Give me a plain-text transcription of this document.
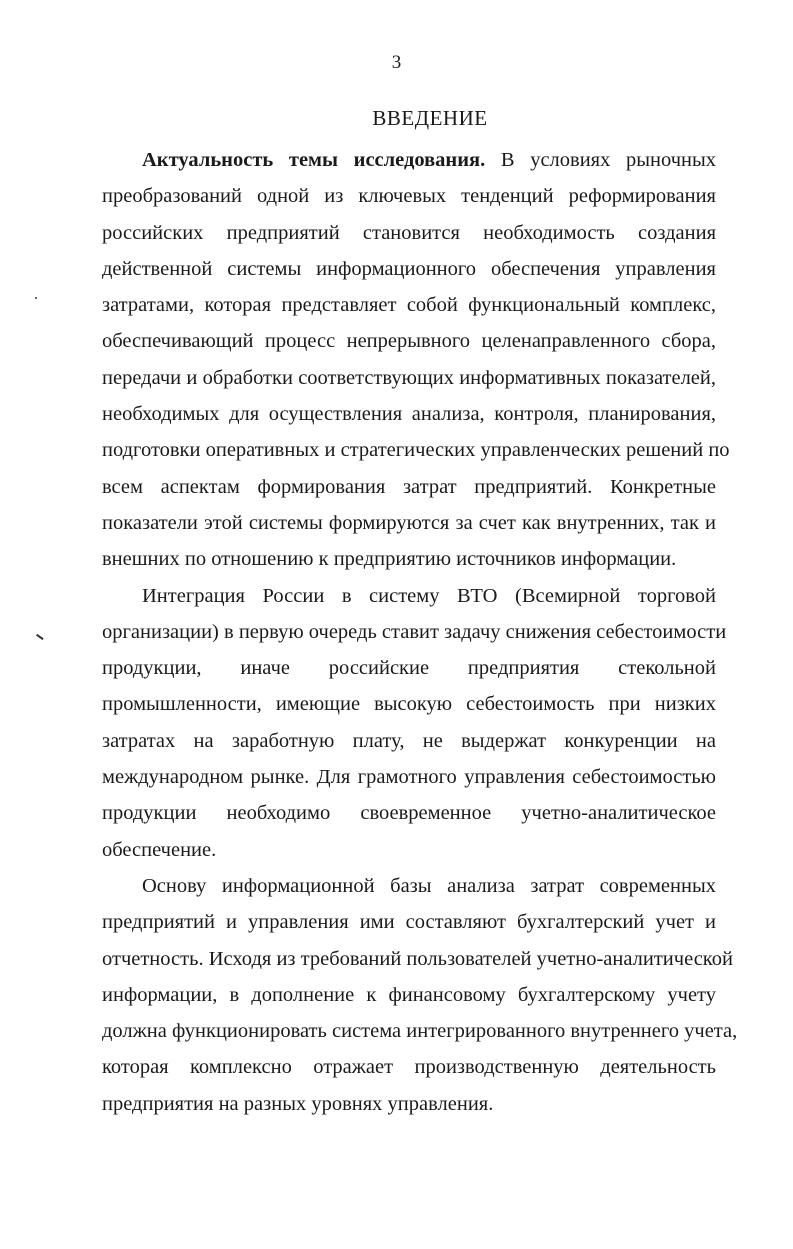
3
ВВЕДЕНИЕ
Актуальность темы исследования. В условиях рыночных
преобразований одной из ключевых тенденций реформирования
российских предприятий становится необходимость создания
действенной системы информационного обеспечения управления
затратами, которая представляет собой функциональный комплекс,
обеспечивающий процесс непрерывного целенаправленного сбора,
передачи и обработки соответствующих информативных показателей,
необходимых для осуществления анализа, контроля, планирования,
подготовки оперативных и стратегических управленческих решений по
всем аспектам формирования затрат предприятий. Конкретные
показатели этой системы формируются за счет как внутренних, так и
внешних по отношению к предприятию источников информации.
Интеграция России в систему ВТО (Всемирной торговой
организации) в первую очередь ставит задачу снижения себестоимости
продукции, иначе российские предприятия стекольной
промышленности, имеющие высокую себестоимость при низких
затратах на заработную плату, не выдержат конкуренции на
международном рынке. Для грамотного управления себестоимостью
продукции необходимо своевременное учетно-аналитическое
обеспечение.
Основу информационной базы анализа затрат современных
предприятий и управления ими составляют бухгалтерский учет и
отчетность. Исходя из требований пользователей учетно-аналитической
информации, в дополнение к финансовому бухгалтерскому учету
должна функционировать система интегрированного внутреннего учета,
которая комплексно отражает производственную деятельность
предприятия на разных уровнях управления.
